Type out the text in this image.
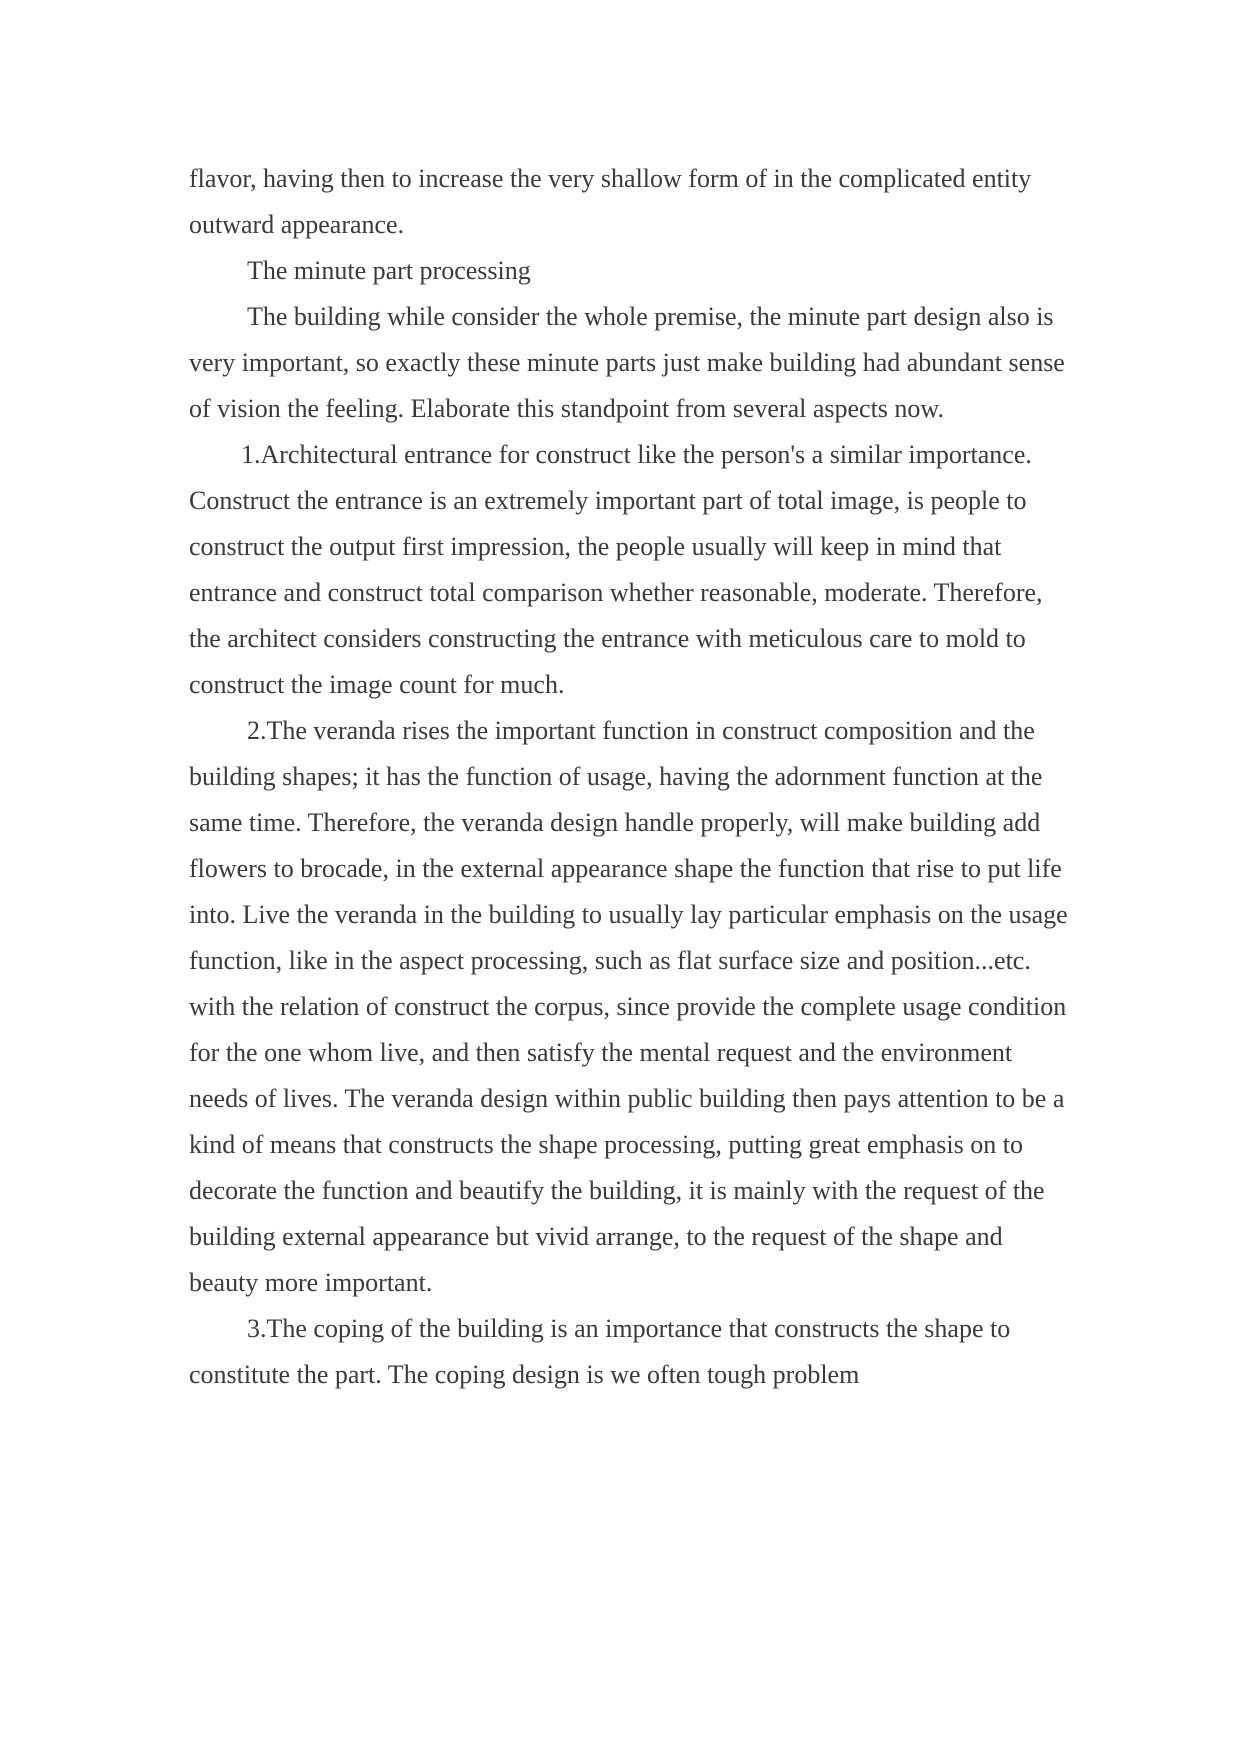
flavor, having then to increase the very shallow form of in the complicated entity outward appearance.

The minute part processing

The building while consider the whole premise, the minute part design also is very important, so exactly these minute parts just make building had abundant sense of vision the feeling. Elaborate this standpoint from several aspects now.

1.Architectural entrance for construct like the person's a similar importance. Construct the entrance is an extremely important part of total image, is people to construct the output first impression, the people usually will keep in mind that entrance and construct total comparison whether reasonable, moderate. Therefore, the architect considers constructing the entrance with meticulous care to mold to construct the image count for much.

2.The veranda rises the important function in construct composition and the building shapes; it has the function of usage, having the adornment function at the same time. Therefore, the veranda design handle properly, will make building add flowers to brocade, in the external appearance shape the function that rise to put life into. Live the veranda in the building to usually lay particular emphasis on the usage function, like in the aspect processing, such as flat surface size and position...etc. with the relation of construct the corpus, since provide the complete usage condition for the one whom live, and then satisfy the mental request and the environment needs of lives. The veranda design within public building then pays attention to be a kind of means that constructs the shape processing, putting great emphasis on to decorate the function and beautify the building, it is mainly with the request of the building external appearance but vivid arrange, to the request of the shape and beauty more important.

3.The coping of the building is an importance that constructs the shape to constitute the part. The coping design is we often tough problem
